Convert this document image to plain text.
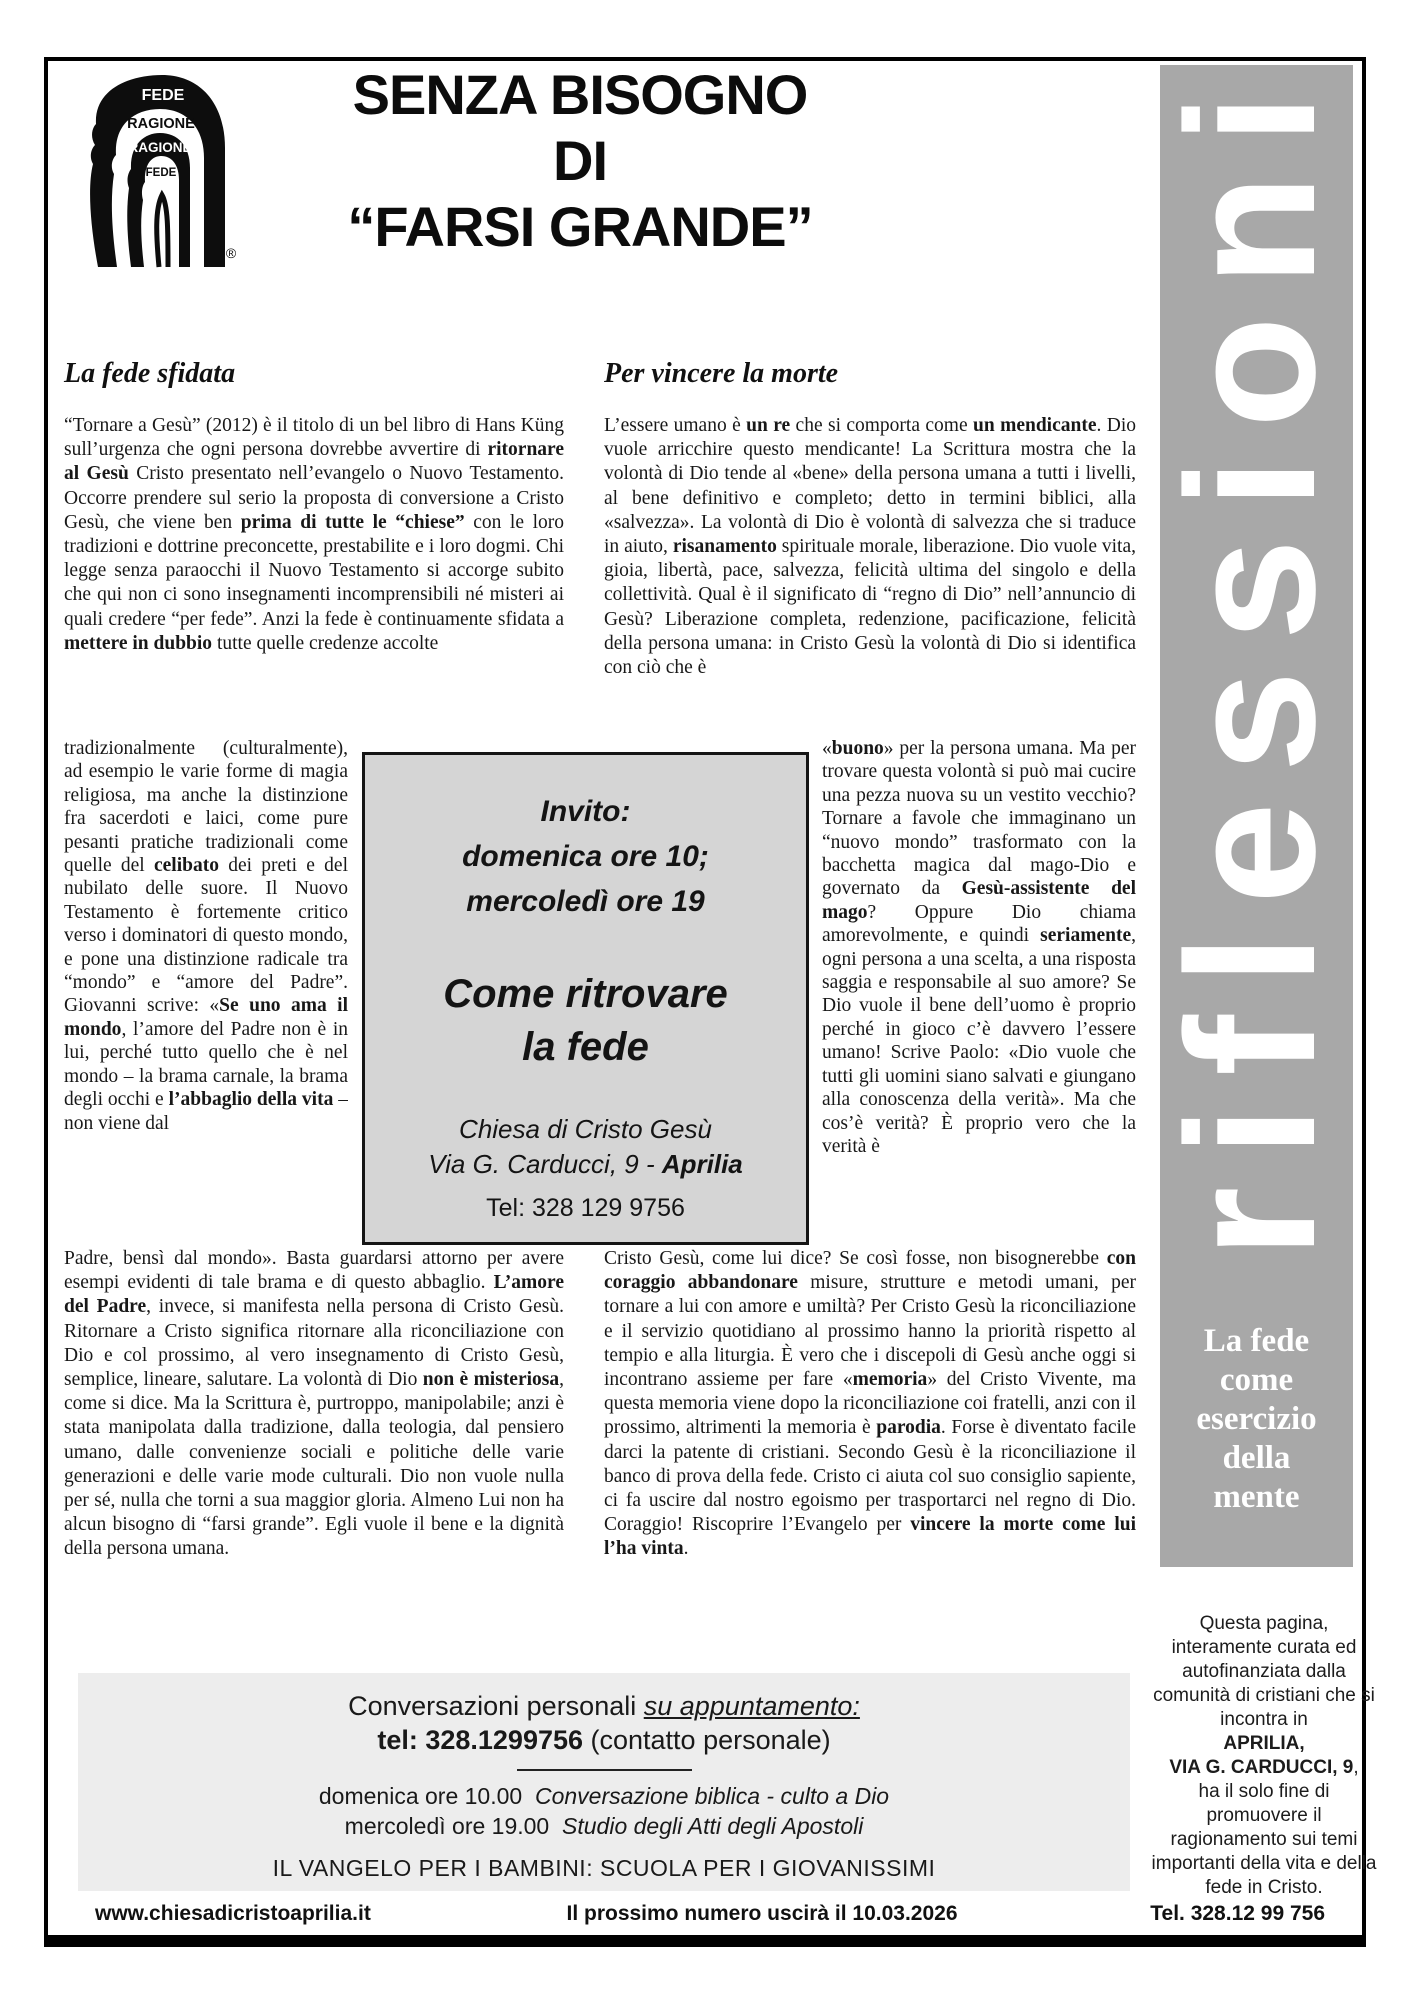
FEDE
RAGIONE
RAGIONE
FEDE
®
SENZA BISOGNO
DI
“FARSI GRANDE”	riflessioni
La fede
come
esercizio
della
mente
Questa pagina, interamente curata ed autofinanziata dalla comunità di cristiani che si incontra in
APRILIA,
VIA G. CARDUCCI, 9,
ha il solo fine di promuovere il ragionamento sui temi importanti della vita e della fede in Cristo.
La fede sfidata
“Tornare a Gesù” (2012) è il titolo di un bel libro di Hans Küng sull’urgenza che ogni persona dovrebbe avvertire di ritornare al Gesù Cristo presentato nell’evangelo o Nuovo Testamento. Occorre prendere sul serio la proposta di conversione a Cristo Gesù, che viene ben prima di tutte le “chiese” con le loro tradizioni e dottrine preconcette, prestabilite e i loro dogmi. Chi legge senza paraocchi il Nuovo Testamento si accorge subito che qui non ci sono insegnamenti incomprensibili né misteri ai quali credere “per fede”. Anzi la fede è continuamente sfidata a mettere in dubbio tutte quelle credenze accolte
tradizionalmente (culturalmente), ad esempio le varie forme di magia religiosa, ma anche la distinzione fra sacerdoti e laici, come pure pesanti pratiche tradizionali come quelle del celibato dei preti e del nubilato delle suore. Il Nuovo Testamento è fortemente critico verso i dominatori di questo mondo, e pone una distinzione radicale tra “mondo” e “amore del Padre”. Giovanni scrive: «Se uno ama il mondo, l’amore del Padre non è in lui, perché tutto quello che è nel mondo – la brama carnale, la brama degli occhi e l’abbaglio della vita – non viene dal
Padre, bensì dal mondo». Basta guardarsi attorno per avere esempi evidenti di tale brama e di questo abbaglio. L’amore del Padre, invece, si manifesta nella persona di Cristo Gesù. Ritornare a Cristo significa ritornare alla riconciliazione con Dio e col prossimo, al vero insegnamento di Cristo Gesù, semplice, lineare, salutare. La volontà di Dio non è misteriosa, come si dice. Ma la Scrittura è, purtroppo, manipolabile; anzi è stata manipolata dalla tradizione, dalla teologia, dal pensiero umano, dalle convenienze sociali e politiche delle varie generazioni e delle varie mode culturali. Dio non vuole nulla per sé, nulla che torni a sua maggior gloria. Almeno Lui non ha alcun bisogno di “farsi grande”. Egli vuole il bene e la dignità della persona umana.
Per vincere la morte
L’essere umano è un re che si comporta come un mendicante. Dio vuole arricchire questo mendicante! La Scrittura mostra che la volontà di Dio tende al «bene» della persona umana a tutti i livelli, al bene definitivo e completo; detto in termini biblici, alla «salvezza». La volontà di Dio è volontà di salvezza che si traduce in aiuto, risanamento spirituale morale, liberazione. Dio vuole vita, gioia, libertà, pace, salvezza, felicità ultima del singolo e della collettività. Qual è il significato di “regno di Dio” nell’annuncio di Gesù? Liberazione completa, redenzione, pacificazione, felicità della persona umana: in Cristo Gesù la volontà di Dio si identifica con ciò che è
«buono» per la persona umana. Ma per trovare questa volontà si può mai cucire una pezza nuova su un vestito vecchio? Tornare a favole che immaginano un “nuovo mondo” trasformato con la bacchetta magica dal mago-Dio e governato da Gesù-assistente del mago? Oppure Dio chiama amorevolmente, e quindi seriamente, ogni persona a una scelta, a una risposta saggia e responsabile al suo amore? Se Dio vuole il bene dell’uomo è proprio perché in gioco c’è davvero l’essere umano! Scrive Paolo: «Dio vuole che tutti gli uomini siano salvati e giungano alla conoscenza della verità». Ma che cos’è verità? È proprio vero che la verità è
Cristo Gesù, come lui dice? Se così fosse, non bisognerebbe con coraggio abbandonare misure, strutture e metodi umani, per tornare a lui con amore e umiltà? Per Cristo Gesù la riconciliazione e il servizio quotidiano al prossimo hanno la priorità rispetto al tempio e alla liturgia. È vero che i discepoli di Gesù anche oggi si incontrano assieme per fare «memoria» del Cristo Vivente, ma questa memoria viene dopo la riconciliazione coi fratelli, anzi con il prossimo, altrimenti la memoria è parodia. Forse è diventato facile darci la patente di cristiani. Secondo Gesù è la riconciliazione il banco di prova della fede. Cristo ci aiuta col suo consiglio sapiente, ci fa uscire dal nostro egoismo per trasportarci nel regno di Dio. Coraggio! Riscoprire l’Evangelo per vincere la morte come lui l’ha vinta.
Invito:
domenica ore 10;
mercoledì ore 19
Come ritrovare
la fede
Chiesa di Cristo Gesù
Via G. Carducci, 9 - Aprilia
Tel: 328 129 9756
Conversazioni personali su appuntamento:
tel: 328.1299756 (contatto personale)
domenica ore 10.00 Conversazione biblica - culto a Dio
mercoledì ore 19.00 Studio degli Atti degli Apostoli
IL VANGELO PER I BAMBINI: SCUOLA PER I GIOVANISSIMI
www.chiesadicristoaprilia.it	Il prossimo numero uscirà il 10.03.2026	Tel. 328.12 99 756
